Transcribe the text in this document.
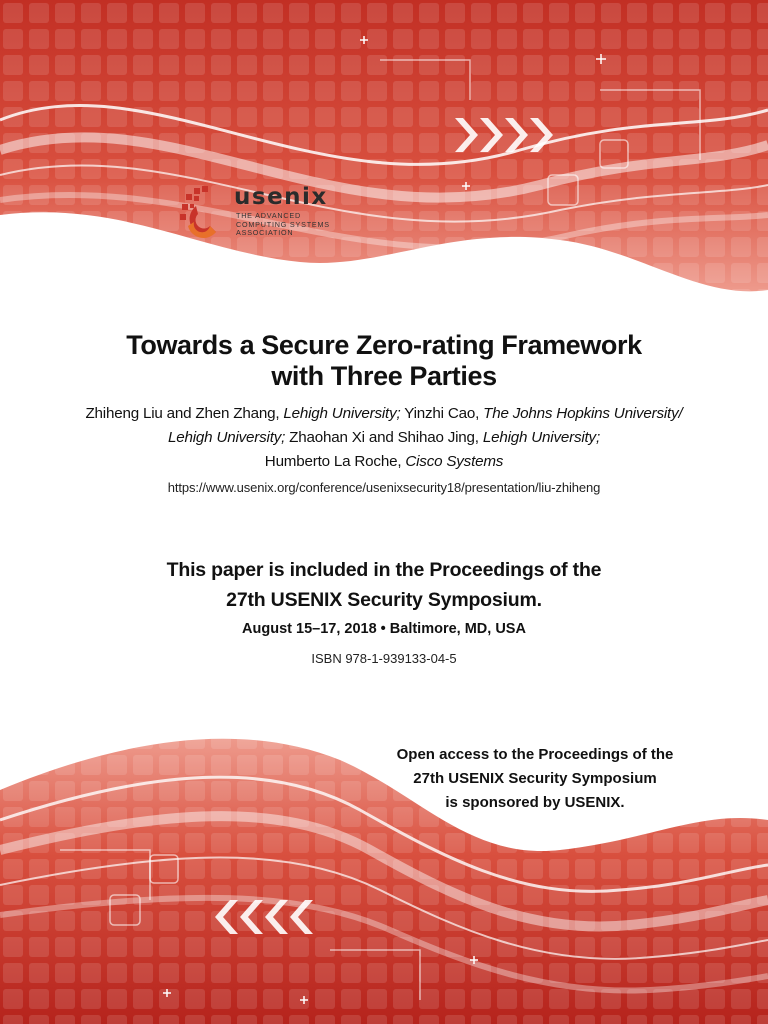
usenix
THE ADVANCED
COMPUTING SYSTEMS
ASSOCIATION
Towards a Secure Zero-rating Framework
with Three Parties
Zhiheng Liu and Zhen Zhang, Lehigh University; Yinzhi Cao, The Johns Hopkins University/
Lehigh University; Zhaohan Xi and Shihao Jing, Lehigh University;
Humberto La Roche, Cisco Systems
https://www.usenix.org/conference/usenixsecurity18/presentation/liu-zhiheng
This paper is included in the Proceedings of the
27th USENIX Security Symposium.
August 15–17, 2018 • Baltimore, MD, USA
ISBN 978-1-939133-04-5
Open access to the Proceedings of the
27th USENIX Security Symposium
is sponsored by USENIX.
